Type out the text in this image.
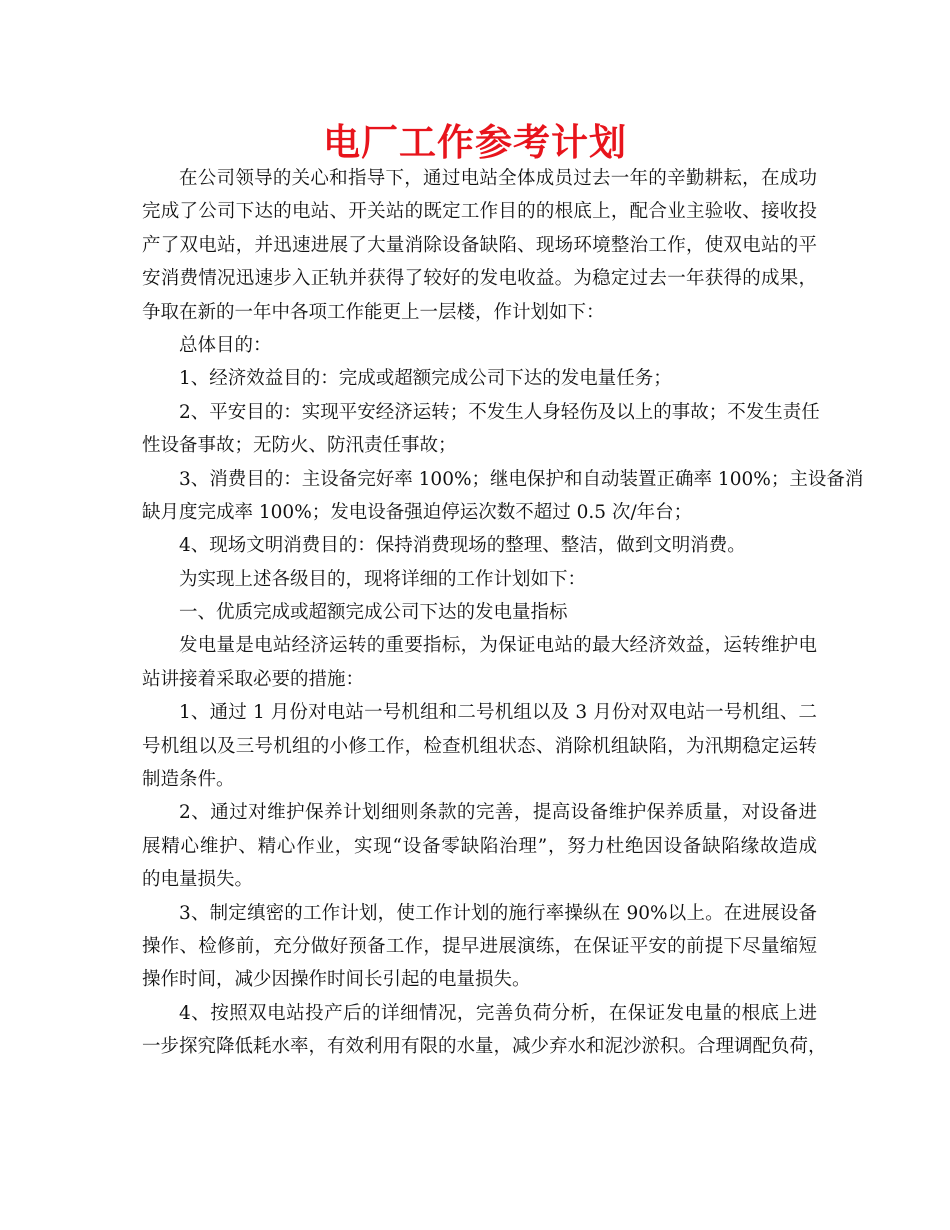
电厂工作参考计划
在公司领导的关心和指导下，通过电站全体成员过去一年的辛勤耕耘，在成功
完成了公司下达的电站、开关站的既定工作目的的根底上，配合业主验收、接收投
产了双电站，并迅速进展了大量消除设备缺陷、现场环境整治工作，使双电站的平
安消费情况迅速步入正轨并获得了较好的发电收益。为稳定过去一年获得的成果，
争取在新的一年中各项工作能更上一层楼，作计划如下：
总体目的：
1、经济效益目的：完成或超额完成公司下达的发电量任务；
2、平安目的：实现平安经济运转；不发生人身轻伤及以上的事故；不发生责任
性设备事故；无防火、防汛责任事故；
3、消费目的：主设备完好率 100%；继电保护和自动装置正确率 100%；主设备消
缺月度完成率 100%；发电设备强迫停运次数不超过 0.5 次/年台；
4、现场文明消费目的：保持消费现场的整理、整洁，做到文明消费。
为实现上述各级目的，现将详细的工作计划如下：
一、优质完成或超额完成公司下达的发电量指标
发电量是电站经济运转的重要指标，为保证电站的最大经济效益，运转维护电
站讲接着采取必要的措施：
1、通过 1 月份对电站一号机组和二号机组以及 3 月份对双电站一号机组、二
号机组以及三号机组的小修工作，检查机组状态、消除机组缺陷，为汛期稳定运转
制造条件。
2、通过对维护保养计划细则条款的完善，提高设备维护保养质量，对设备进
展精心维护、精心作业，实现“设备零缺陷治理”，努力杜绝因设备缺陷缘故造成
的电量损失。
3、制定缜密的工作计划，使工作计划的施行率操纵在 90%以上。在进展设备
操作、检修前，充分做好预备工作，提早进展演练，在保证平安的前提下尽量缩短
操作时间，减少因操作时间长引起的电量损失。
4、按照双电站投产后的详细情况，完善负荷分析，在保证发电量的根底上进
一步探究降低耗水率，有效利用有限的水量，减少弃水和泥沙淤积。合理调配负荷，
